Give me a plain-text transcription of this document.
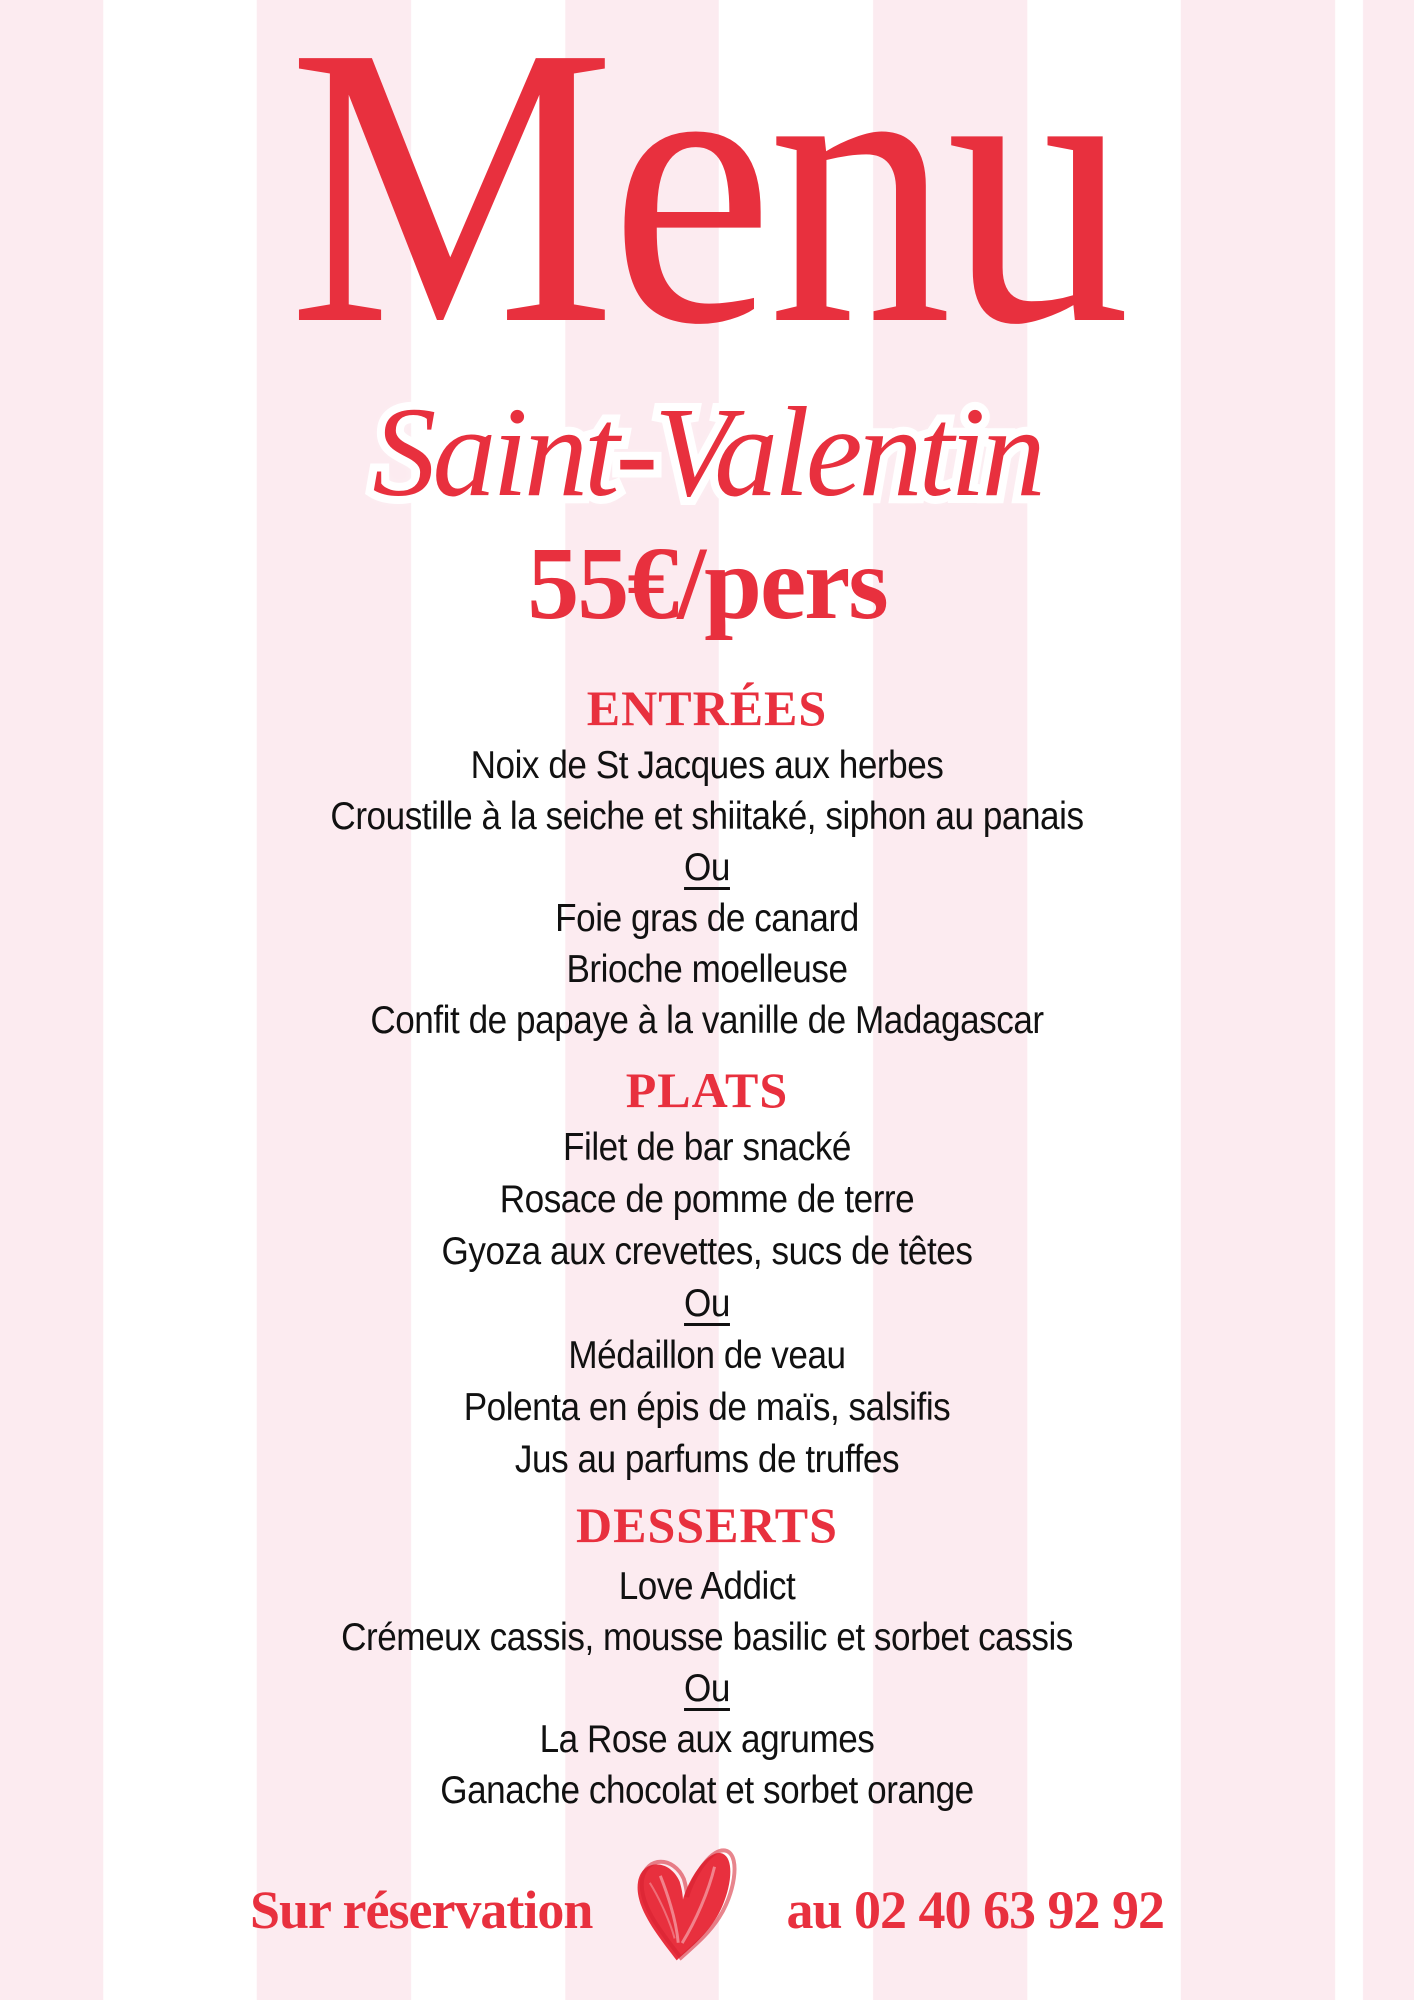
Menu
Saint-Valentin Saint-Valentin
55€/pers
ENTRÉES

Noix de St Jacques aux herbes

Croustille à la seiche et shiitaké, siphon au panais

Ou

Foie gras de canard

Brioche moelleuse

Confit de papaye à la vanille de Madagascar

PLATS

Filet de bar snacké

Rosace de pomme de terre

Gyoza aux crevettes, sucs de têtes

Ou

Médaillon de veau

Polenta en épis de maïs, salsifis

Jus au parfums de truffes

DESSERTS

Love Addict

Crémeux cassis, mousse basilic et sorbet cassis

Ou

La Rose aux agrumes

Ganache chocolat et sorbet orange

Sur réservation	au 02 40 63 92 92
